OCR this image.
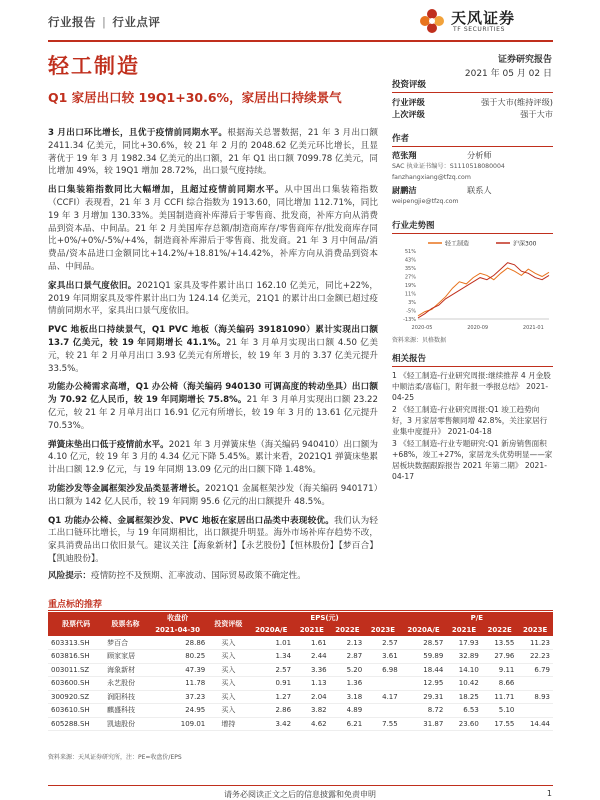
行业报告 | 行业点评	天风证券
TF SECURITIES
轻工制造	证券研究报告
2021 年 05 月 02 日
Q1 家居出口较 19Q1+30.6%，家居出口持续景气

3 月出口环比增长，且优于疫情前同期水平。根据海关总署数据，21 年 3 月出口额 2411.34 亿美元，同比+30.6%，较 21 年 2 月的 2048.62 亿美元环比增长，且显著优于 19 年 3 月 1982.34 亿美元的出口额，21 年 Q1 出口额 7099.78 亿美元，同比增加 49%，较 19Q1 增加 28.72%，出口景气度持续。

出口集装箱指数同比大幅增加，且超过疫情前同期水平。从中国出口集装箱指数（CCFI）表现看，21 年 3 月 CCFI 综合指数为 1913.60，同比增加 112.71%，同比 19 年 3 月增加 130.33%。美国制造商补库滞后于零售商、批发商，补库方向从消费品到资本品、中间品。21 年 2 月美国库存总额/制造商库存/零售商库存/批发商库存同比+0%/+0%/-5%/+4%，制造商补库滞后于零售商、批发商。21 年 3 月中间品/消费品/资本品进口金额同比+14.2%/+18.81%/+14.42%，补库方向从消费品到资本品、中间品。

家具出口景气度依旧。2021Q1 家具及零件累计出口 162.10 亿美元，同比+22%，2019 年同期家具及零件累计出口为 124.14 亿美元，21Q1 的累计出口金额已超过疫情前同期水平，家具出口景气度依旧。

PVC 地板出口持续景气，Q1 PVC 地板（海关编码 39181090）累计实现出口额 13.7 亿美元，较 19 年同期增长 41.1%。21 年 3 月单月实现出口额 4.50 亿美元，较 21 年 2 月单月出口 3.93 亿美元有所增长，较 19 年 3 月的 3.37 亿美元提升 33.5%。

功能办公椅需求高增，Q1 办公椅（海关编码 940130 可调高度的转动坐具）出口额为 70.92 亿人民币，较 19 年同期增长 75.8%。21 年 3 月单月实现出口额 23.22 亿元，较 21 年 2 月单月出口 16.91 亿元有所增长，较 19 年 3 月的 13.61 亿元提升 70.53%。

弹簧床垫出口低于疫情前水平。2021 年 3 月弹簧床垫（海关编码 940410）出口额为 4.10 亿元，较 19 年 3 月的 4.34 亿元下降 5.45%。累计来看，2021Q1 弹簧床垫累计出口额 12.9 亿元，与 19 年同期 13.09 亿元的出口额下降 1.48%。

功能沙发等金属框架沙发品类显著增长。2021Q1 金属框架沙发（海关编码 940171）出口额为 142 亿人民币，较 19 年同期 95.6 亿元的出口额提升 48.5%。

Q1 功能办公椅、金属框架沙发、PVC 地板在家居出口品类中表现较优。我们认为轻工出口链环比增长，与 19 年同期相比，出口额提升明显。海外市场补库存趋势不改，家具消费品出口依旧景气。建议关注【海象新材】【永艺股份】【恒林股份】【梦百合】【凯迪股份】。

投资评级
行业评级	强于大市(维持评级)
上次评级	强于大市
作者
范张翔	分析师
SAC 执业证书编号：S1110518080004
fanzhangxiang@tfzq.com
尉鹏洁	联系人
weipengjie@tfzq.com
行业走势图
轻工制造	沪深300
-13%
-5%
3%
11%
19%
27%
35%
43%
51%
2020-05	2020-09	2021-01
资料来源：贝格数据
相关报告
1 《轻工制造-行业研究周报:继续推荐 4 月金股中顺洁柔/喜临门，附年报一季报总结》 2021-04-25
2 《轻工制造-行业研究周报:Q1 竣工趋势向好，3 月家居零售额同增 42.8%，关注家居行业集中度提升》 2021-04-18
3 《轻工制造-行业专题研究:Q1 新房销售面积+68%，竣工+27%，家居龙头优势明显——家居板块数据跟踪报告 2021 年第二期》 2021-04-17
风险提示：疫情防控不及预期、汇率波动、国际贸易政策不确定性。
重点标的推荐
股票代码	股票名称	收盘价	投资评级	EPS(元)				P/E			
		2021-04-30		2020A/E	2021E	2022E	2023E	2020A/E	2021E	2022E	2023E
603313.SH	梦百合	28.86	买入	1.01	1.61	2.13	2.57	28.57	17.93	13.55	11.23
603816.SH	顾家家居	80.25	买入	1.34	2.44	2.87	3.61	59.89	32.89	27.96	22.23
003011.SZ	海象新材	47.39	买入	2.57	3.36	5.20	6.98	18.44	14.10	9.11	6.79
603600.SH	永艺股份	11.78	买入	0.91	1.13	1.36		12.95	10.42	8.66	
300920.SZ	润阳科技	37.23	买入	1.27	2.04	3.18	4.17	29.31	18.25	11.71	8.93
603610.SH	麒盛科技	24.95	买入	2.86	3.82	4.89		8.72	6.53	5.10	
605288.SH	凯迪股份	109.01	增持	3.42	4.62	6.21	7.55	31.87	23.60	17.55	14.44
资料来源：天风证券研究所，注：PE=收盘价/EPS
请务必阅读正文之后的信息披露和免责申明	1
